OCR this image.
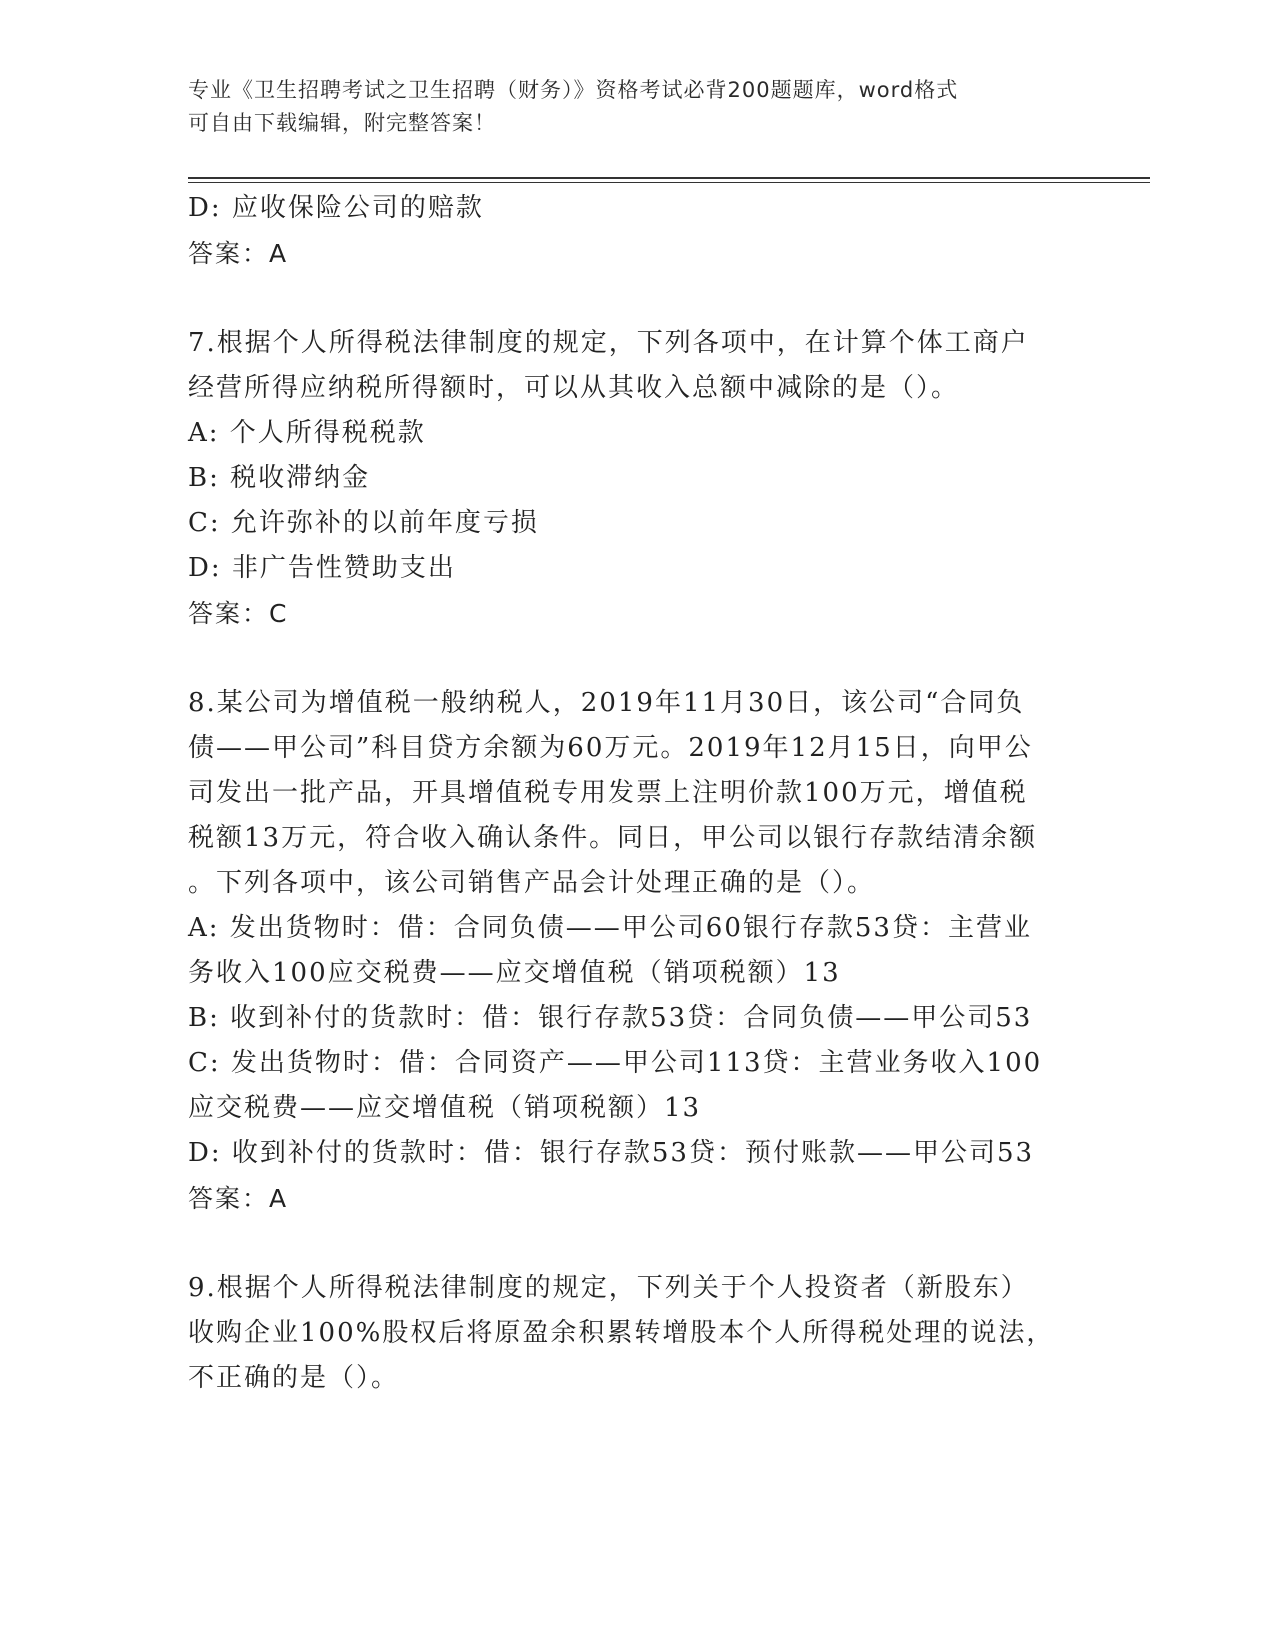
专业《卫生招聘考试之卫生招聘（财务）》资格考试必背200题题库，word格式
可自由下载编辑，附完整答案！

D: 应收保险公司的赔款

答案：A

7.根据个人所得税法律制度的规定，下列各项中，在计算个体工商户

经营所得应纳税所得额时，可以从其收入总额中减除的是（）。

A: 个人所得税税款

B: 税收滞纳金

C: 允许弥补的以前年度亏损

D: 非广告性赞助支出

答案：C

8.某公司为增值税一般纳税人，2019年11月30日，该公司“合同负

债——甲公司”科目贷方余额为60万元。2019年12月15日，向甲公

司发出一批产品，开具增值税专用发票上注明价款100万元，增值税

税额13万元，符合收入确认条件。同日，甲公司以银行存款结清余额

。下列各项中，该公司销售产品会计处理正确的是（）。

A: 发出货物时：借：合同负债——甲公司60银行存款53贷：主营业

务收入100应交税费——应交增值税（销项税额）13

B: 收到补付的货款时：借：银行存款53贷：合同负债——甲公司53

C: 发出货物时：借：合同资产——甲公司113贷：主营业务收入100

应交税费——应交增值税（销项税额）13

D: 收到补付的货款时：借：银行存款53贷：预付账款——甲公司53

答案：A

9.根据个人所得税法律制度的规定，下列关于个人投资者（新股东）

收购企业100%股权后将原盈余积累转增股本个人所得税处理的说法，

不正确的是（）。
